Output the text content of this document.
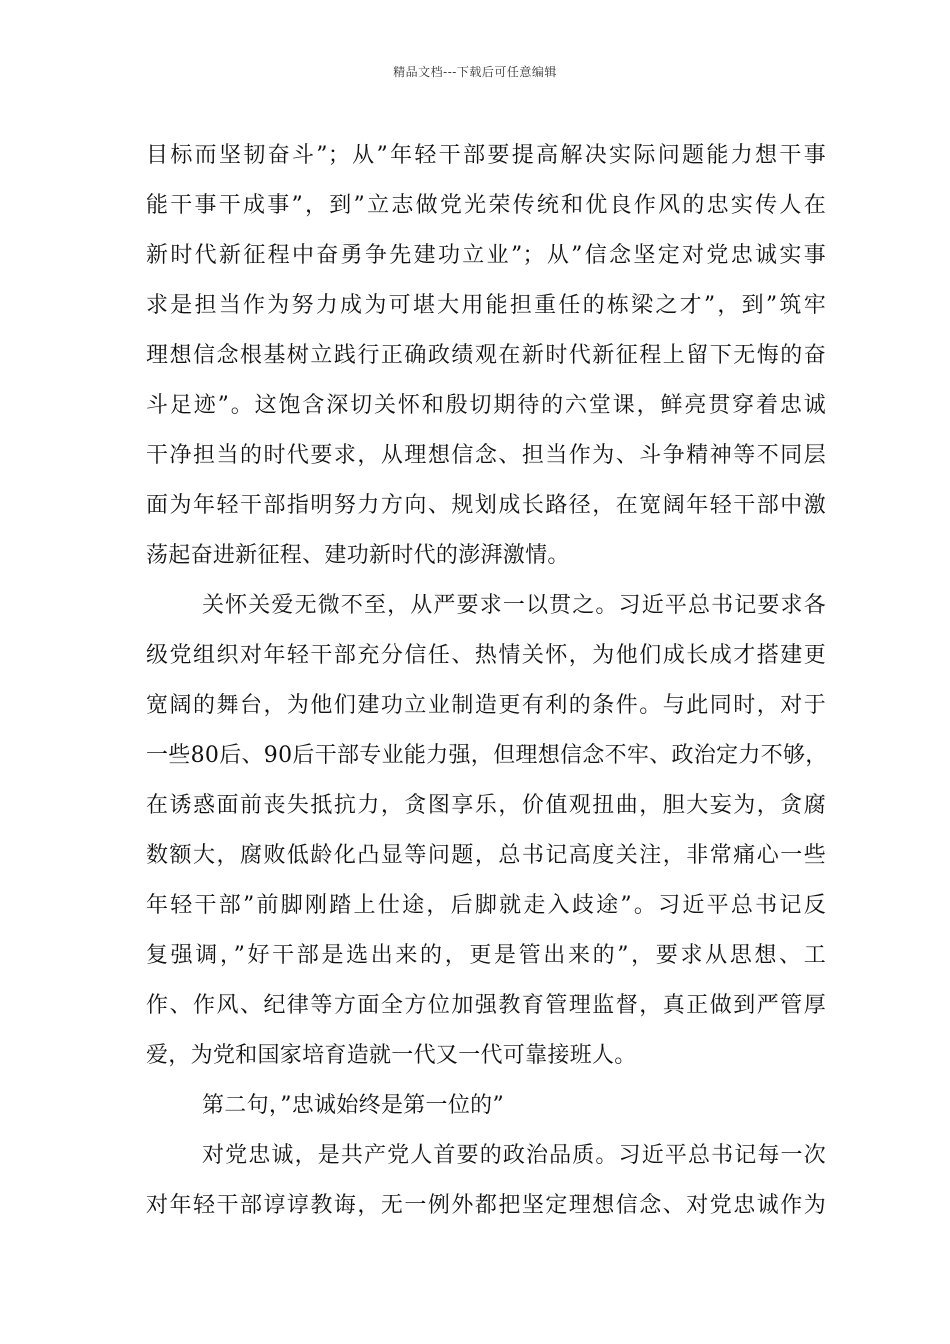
精品文档---下载后可任意编辑
目标而坚韧奋斗”；从”年轻干部要提高解决实际问题能力想干事
能干事干成事”，到”立志做党光荣传统和优良作风的忠实传人在
新时代新征程中奋勇争先建功立业”；从”信念坚定对党忠诚实事
求是担当作为努力成为可堪大用能担重任的栋梁之才”，到”筑牢
理想信念根基树立践行正确政绩观在新时代新征程上留下无悔的奋
斗足迹”。这饱含深切关怀和殷切期待的六堂课，鲜亮贯穿着忠诚
干净担当的时代要求，从理想信念、担当作为、斗争精神等不同层
面为年轻干部指明努力方向、规划成长路径，在宽阔年轻干部中激
荡起奋进新征程、建功新时代的澎湃激情。
关怀关爱无微不至，从严要求一以贯之。习近平总书记要求各
级党组织对年轻干部充分信任、热情关怀，为他们成长成才搭建更
宽阔的舞台，为他们建功立业制造更有利的条件。与此同时，对于
一些80后、90后干部专业能力强，但理想信念不牢、政治定力不够，
在诱惑面前丧失抵抗力，贪图享乐，价值观扭曲，胆大妄为，贪腐
数额大，腐败低龄化凸显等问题，总书记高度关注，非常痛心一些
年轻干部”前脚刚踏上仕途，后脚就走入歧途”。习近平总书记反
复强调，”好干部是选出来的，更是管出来的”，要求从思想、工
作、作风、纪律等方面全方位加强教育管理监督，真正做到严管厚
爱，为党和国家培育造就一代又一代可靠接班人。
第二句，”忠诚始终是第一位的”
对党忠诚，是共产党人首要的政治品质。习近平总书记每一次
对年轻干部谆谆教诲，无一例外都把坚定理想信念、对党忠诚作为
